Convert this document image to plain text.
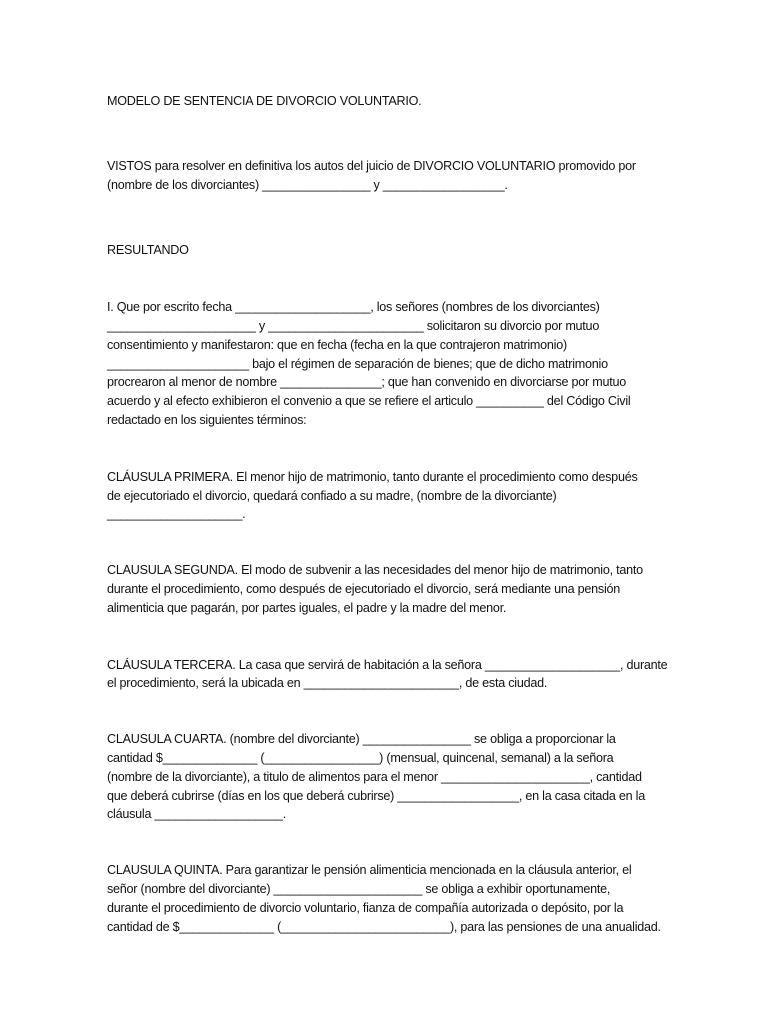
MODELO DE SENTENCIA DE DIVORCIO VOLUNTARIO.

VISTOS para resolver en definitiva los autos del juicio de DIVORCIO VOLUNTARIO promovido por
(nombre de los divorciantes) ________________ y __________________.

RESULTANDO

I. Que por escrito fecha ____________________, los señores (nombres de los divorciantes)
______________________ y _______________________ solicitaron su divorcio por mutuo
consentimiento y manifestaron: que en fecha (fecha en la que contrajeron matrimonio)
_____________________ bajo el régimen de separación de bienes; que de dicho matrimonio
procrearon al menor de nombre _______________; que han convenido en divorciarse por mutuo
acuerdo y al efecto exhibieron el convenio a que se refiere el articulo __________ del Código Civil
redactado en los siguientes términos:

CLÁUSULA PRIMERA. El menor hijo de matrimonio, tanto durante el procedimiento como después
de ejecutoriado el divorcio, quedará confiado a su madre, (nombre de la divorciante)
____________________.

CLAUSULA SEGUNDA. El modo de subvenir a las necesidades del menor hijo de matrimonio, tanto
durante el procedimiento, como después de ejecutoriado el divorcio, será mediante una pensión
alimenticia que pagarán, por partes iguales, el padre y la madre del menor.

CLÁUSULA TERCERA. La casa que servirá de habitación a la señora ____________________, durante
el procedimiento, será la ubicada en _______________________, de esta ciudad.

CLAUSULA CUARTA. (nombre del divorciante) ________________ se obliga a proporcionar la
cantidad $______________ (_________________) (mensual, quincenal, semanal) a la señora
(nombre de la divorciante), a titulo de alimentos para el menor ______________________, cantidad
que deberá cubrirse (días en los que deberá cubrirse) __________________, en la casa citada en la
cláusula ___________________.

CLAUSULA QUINTA. Para garantizar le pensión alimenticia mencionada en la cláusula anterior, el
señor (nombre del divorciante) ______________________ se obliga a exhibir oportunamente,
durante el procedimiento de divorcio voluntario, fianza de compañía autorizada o depósito, por la
cantidad de $______________ (_________________________), para las pensiones de una anualidad.
